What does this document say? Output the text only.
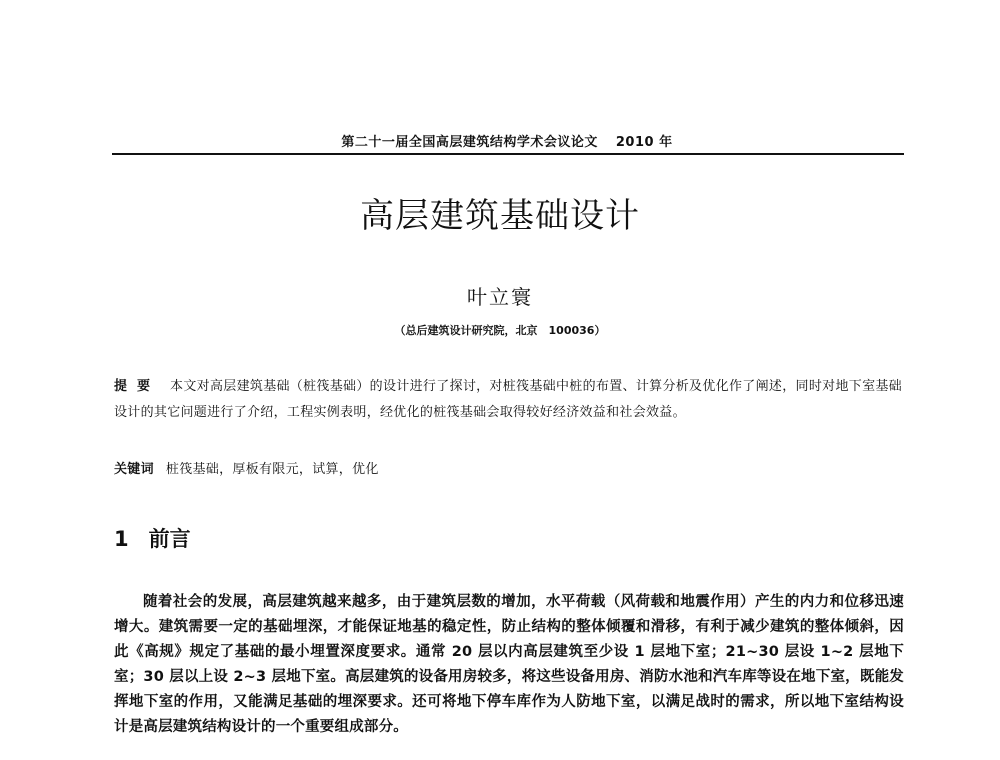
第二十一届全国高层建筑结构学术会议论文 2010 年
高层建筑基础设计
叶立寰
（总后建筑设计研究院，北京　100036）
提要 本文对高层建筑基础（桩筏基础）的设计进行了探讨，对桩筏基础中桩的布置、计算分析及优化作了阐述，同时对地下室基础设计的其它问题进行了介绍，工程实例表明，经优化的桩筏基础会取得较好经济效益和社会效益。
关键词 桩筏基础，厚板有限元，试算，优化
1 前言
随着社会的发展，高层建筑越来越多，由于建筑层数的增加，水平荷载（风荷载和地震作用）产生的内力和位移迅速增大。建筑需要一定的基础埋深，才能保证地基的稳定性，防止结构的整体倾覆和滑移，有利于减少建筑的整体倾斜，因此《高规》规定了基础的最小埋置深度要求。通常 20 层以内高层建筑至少设 1 层地下室；21~30 层设 1~2 层地下室；30 层以上设 2~3 层地下室。高层建筑的设备用房较多，将这些设备用房、消防水池和汽车库等设在地下室，既能发挥地下室的作用，又能满足基础的埋深要求。还可将地下停车库作为人防地下室，以满足战时的需求，所以地下室结构设计是高层建筑结构设计的一个重要组成部分。
